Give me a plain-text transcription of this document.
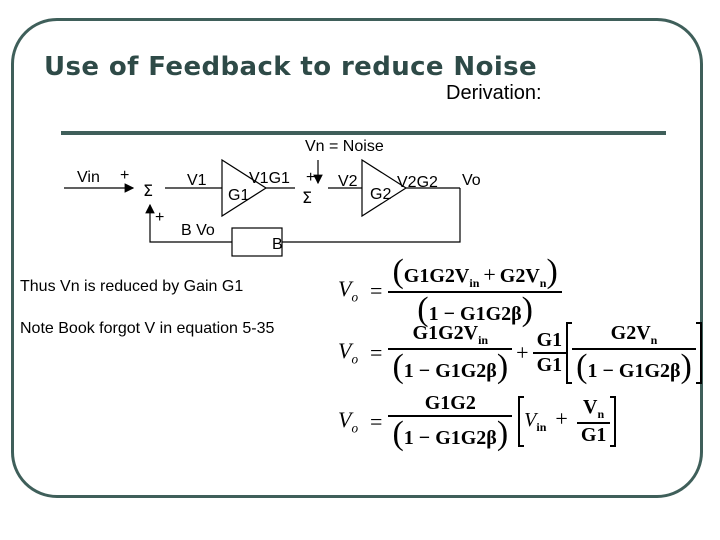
Use of Feedback to reduce Noise
Derivation:
Vn = Noise
Vin +
Σ
+
V1
G1
V1G1 +
Σ
V2
G2
V2G2 Vo
B Vo
B
Thus Vn is reduced by Gain G1
Note Book forgot V in equation 5-35
$V_o = \frac{(G1G2V_{in} + G2V_n)}{(1 - G1G2\beta)}$
$V_o = \frac{G1G2V_{in}}{(1 - G1G2\beta)} + \frac{G1}{G1} \frac{G2V_n}{(1 - G1G2\beta)}$
$V_o = \frac{G1G2}{(1 - G1G2\beta)} V_{in} + \frac{V_n}{G1}$
